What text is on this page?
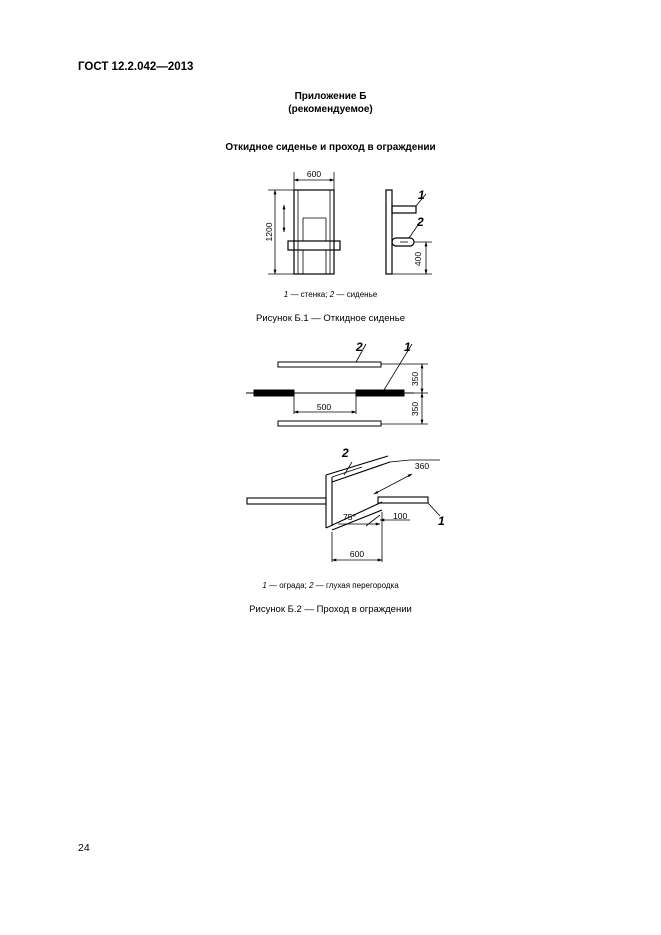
ГОСТ 12.2.042—2013
Приложение Б
(рекомендуемое)
Откидное сиденье и проход в ограждении
600
1200
400
1
2
500
350
350
2	1
360
75°	100
600
2
1
1 — стенка; 2 — сиденье
Рисунок Б.1 — Откидное сиденье
1 — ограда; 2 — глухая перегородка
Рисунок Б.2 — Проход в ограждении
24
